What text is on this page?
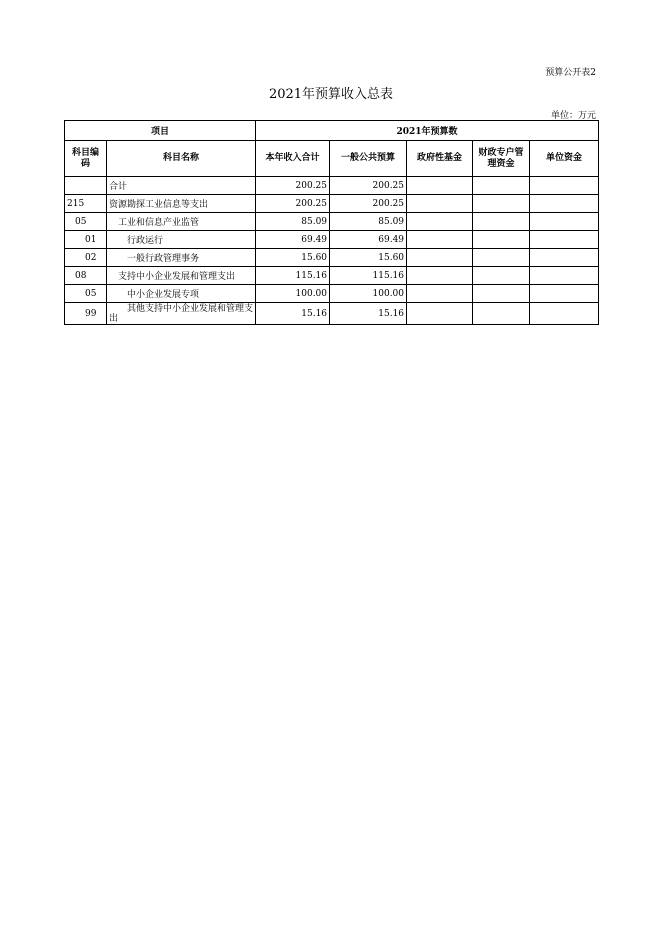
预算公开表2
2021年预算收入总表
单位：万元
项目		2021年预算数				
科目编码	科目名称	本年收入合计	一般公共预算	政府性基金	财政专户管理资金	单位资金
	合计	200.25	200.25			
215	资源勘探工业信息等支出	200.25	200.25			
05	工业和信息产业监管	85.09	85.09			
01	行政运行	69.49	69.49			
02	一般行政管理事务	15.60	15.60			
08	支持中小企业发展和管理支出	115.16	115.16			
05	中小企业发展专项	100.00	100.00			
99	其他支持中小企业发展和管理支出	15.16	15.16			
